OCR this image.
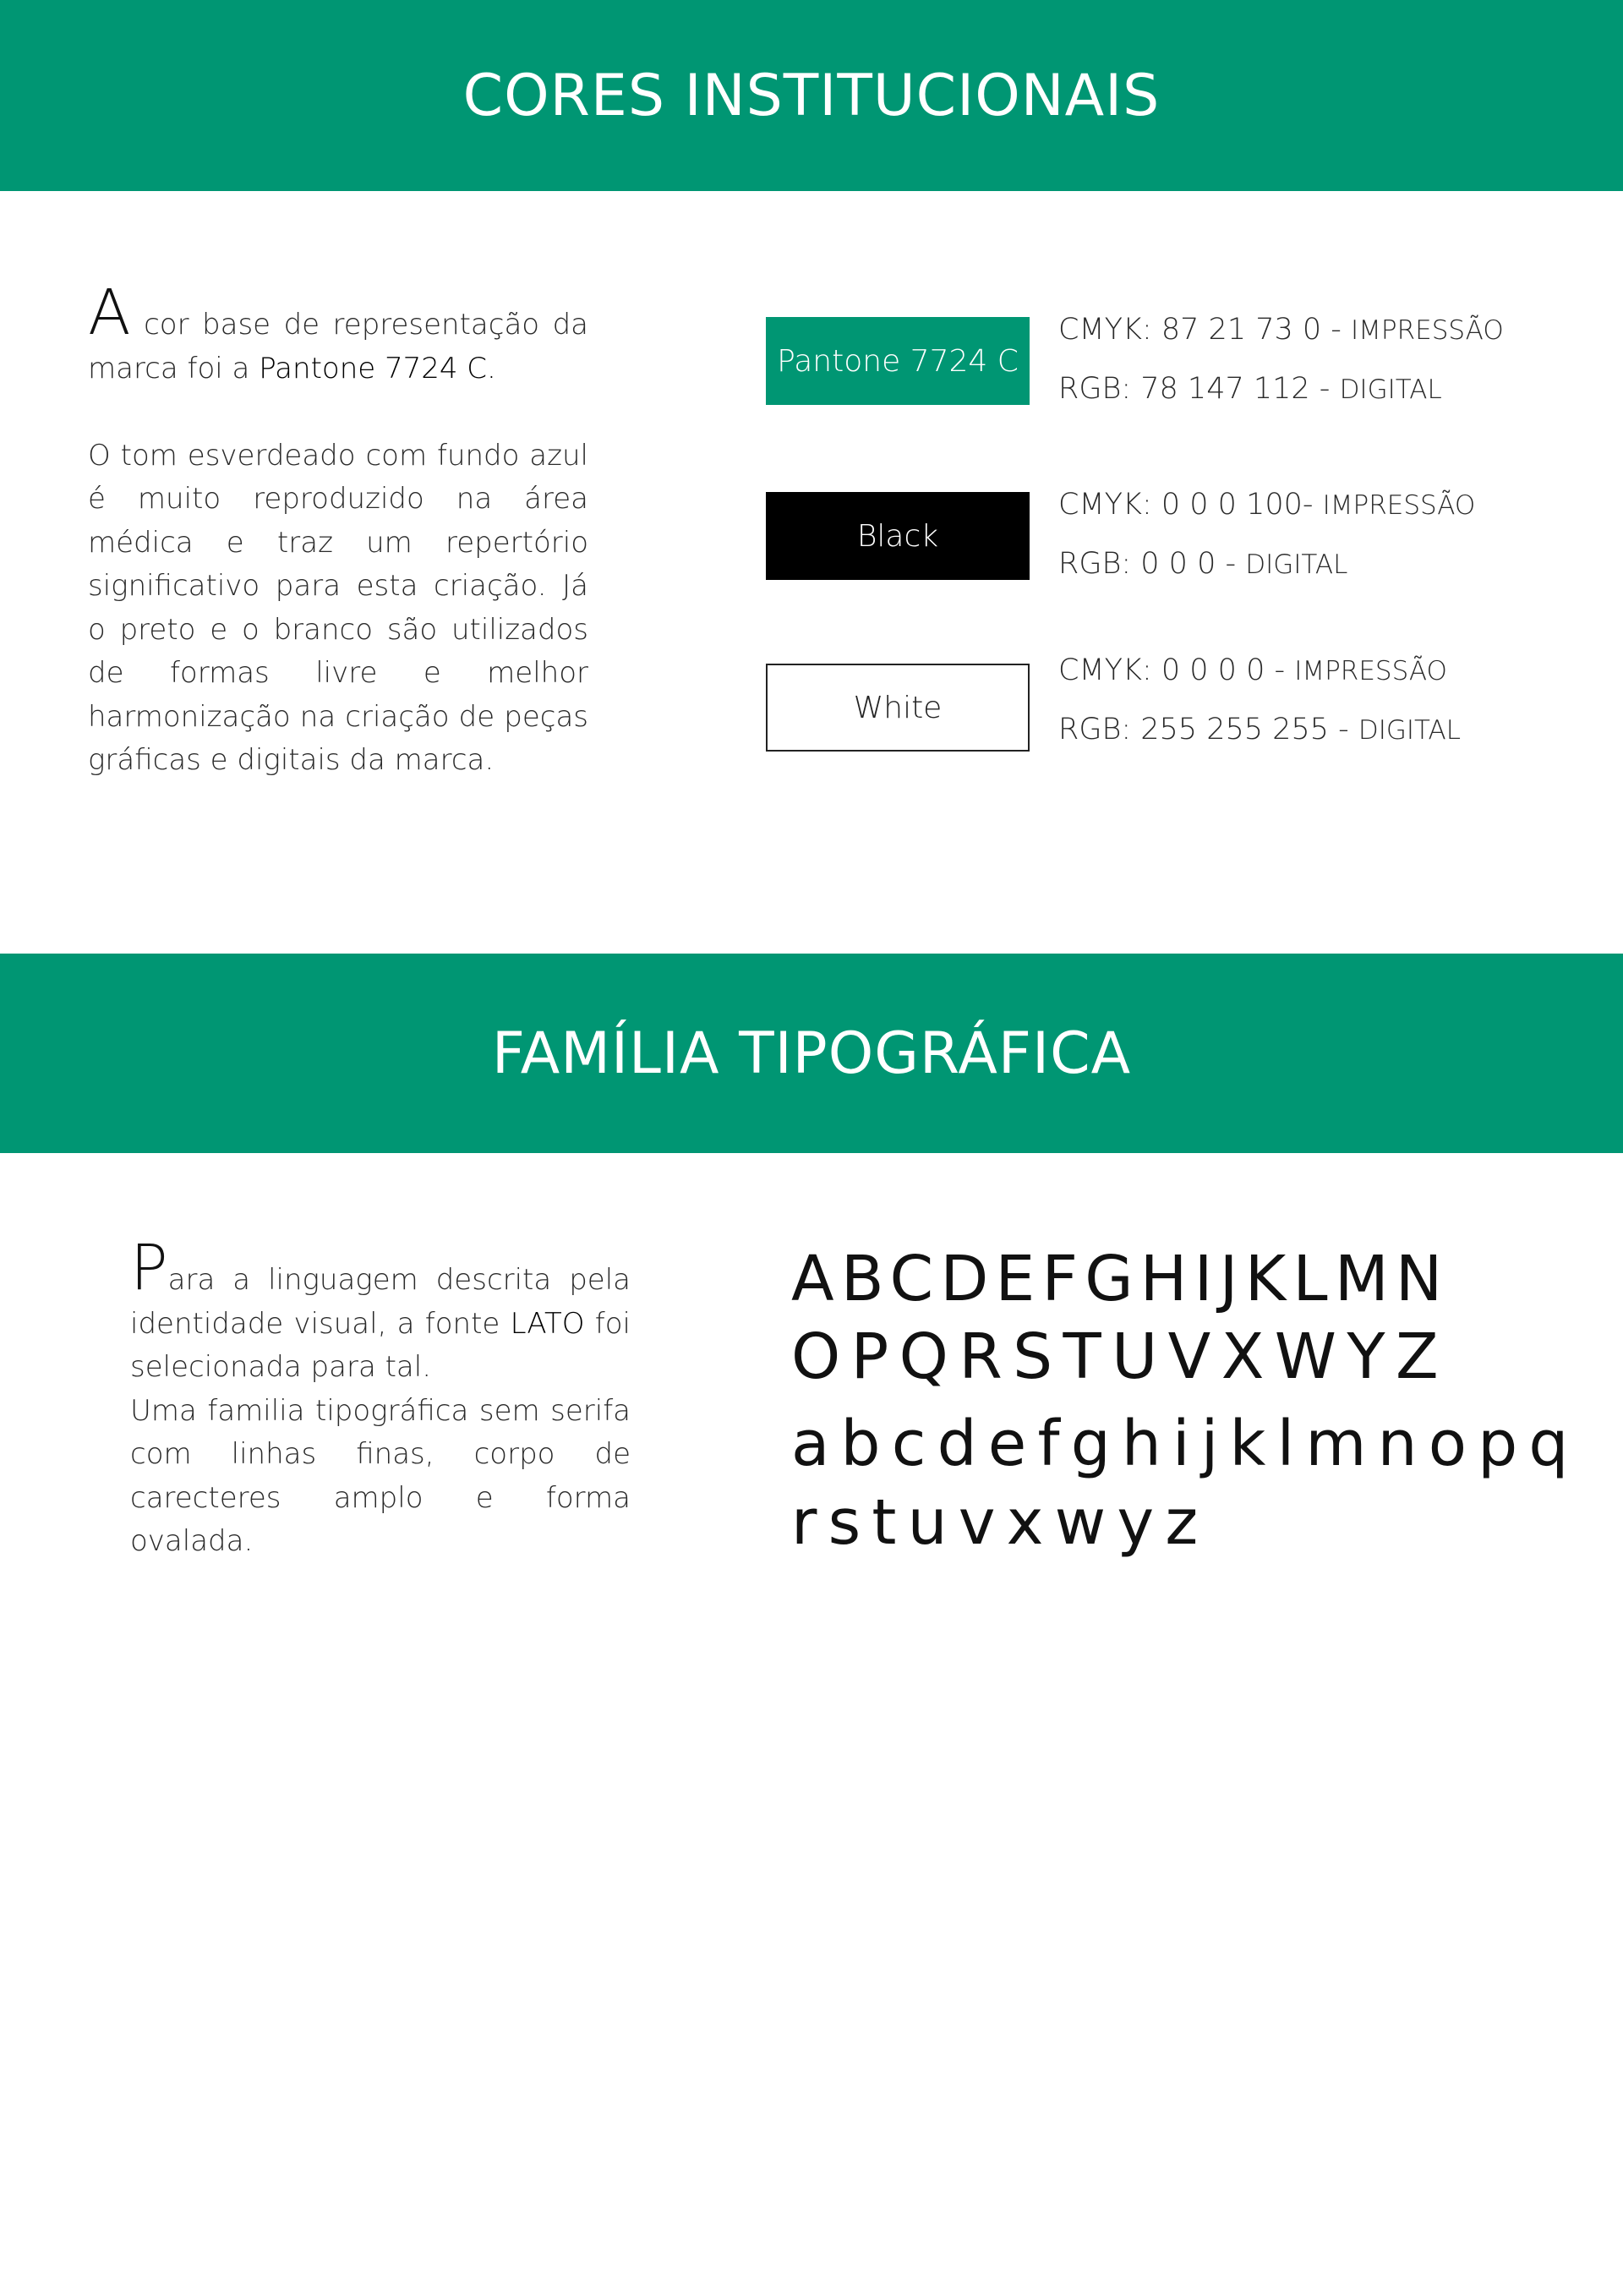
CORES INSTITUCIONAIS

A cor base de representação da marca foi a Pantone 7724 C.

O tom esverdeado com fundo azul é muito reproduzido na área médica e traz um repertório significativo para esta criação. Já o preto e o branco são utilizados de formas livre e melhor harmonização na criação de peças gráficas e digitais da marca.

Pantone 7724 C
Black
White
CMYK: 87 21 73 0 - IMPRESSÃO
RGB: 78 147 112 - DIGITAL
CMYK: 0 0 0 100- IMPRESSÃO
RGB: 0 0 0 - DIGITAL
CMYK: 0 0 0 0 - IMPRESSÃO
RGB: 255 255 255 - DIGITAL
FAMÍLIA TIPOGRÁFICA

Para a linguagem descrita pela identidade visual, a fonte LATO foi selecionada para tal.

Uma familia tipográfica sem serifa com linhas finas, corpo de carecteres amplo e forma ovalada.

ABCDEFGHIJKLMN
OPQRSTUVXWYZ
abcdefghijklmnopq
rstuvxwyz
